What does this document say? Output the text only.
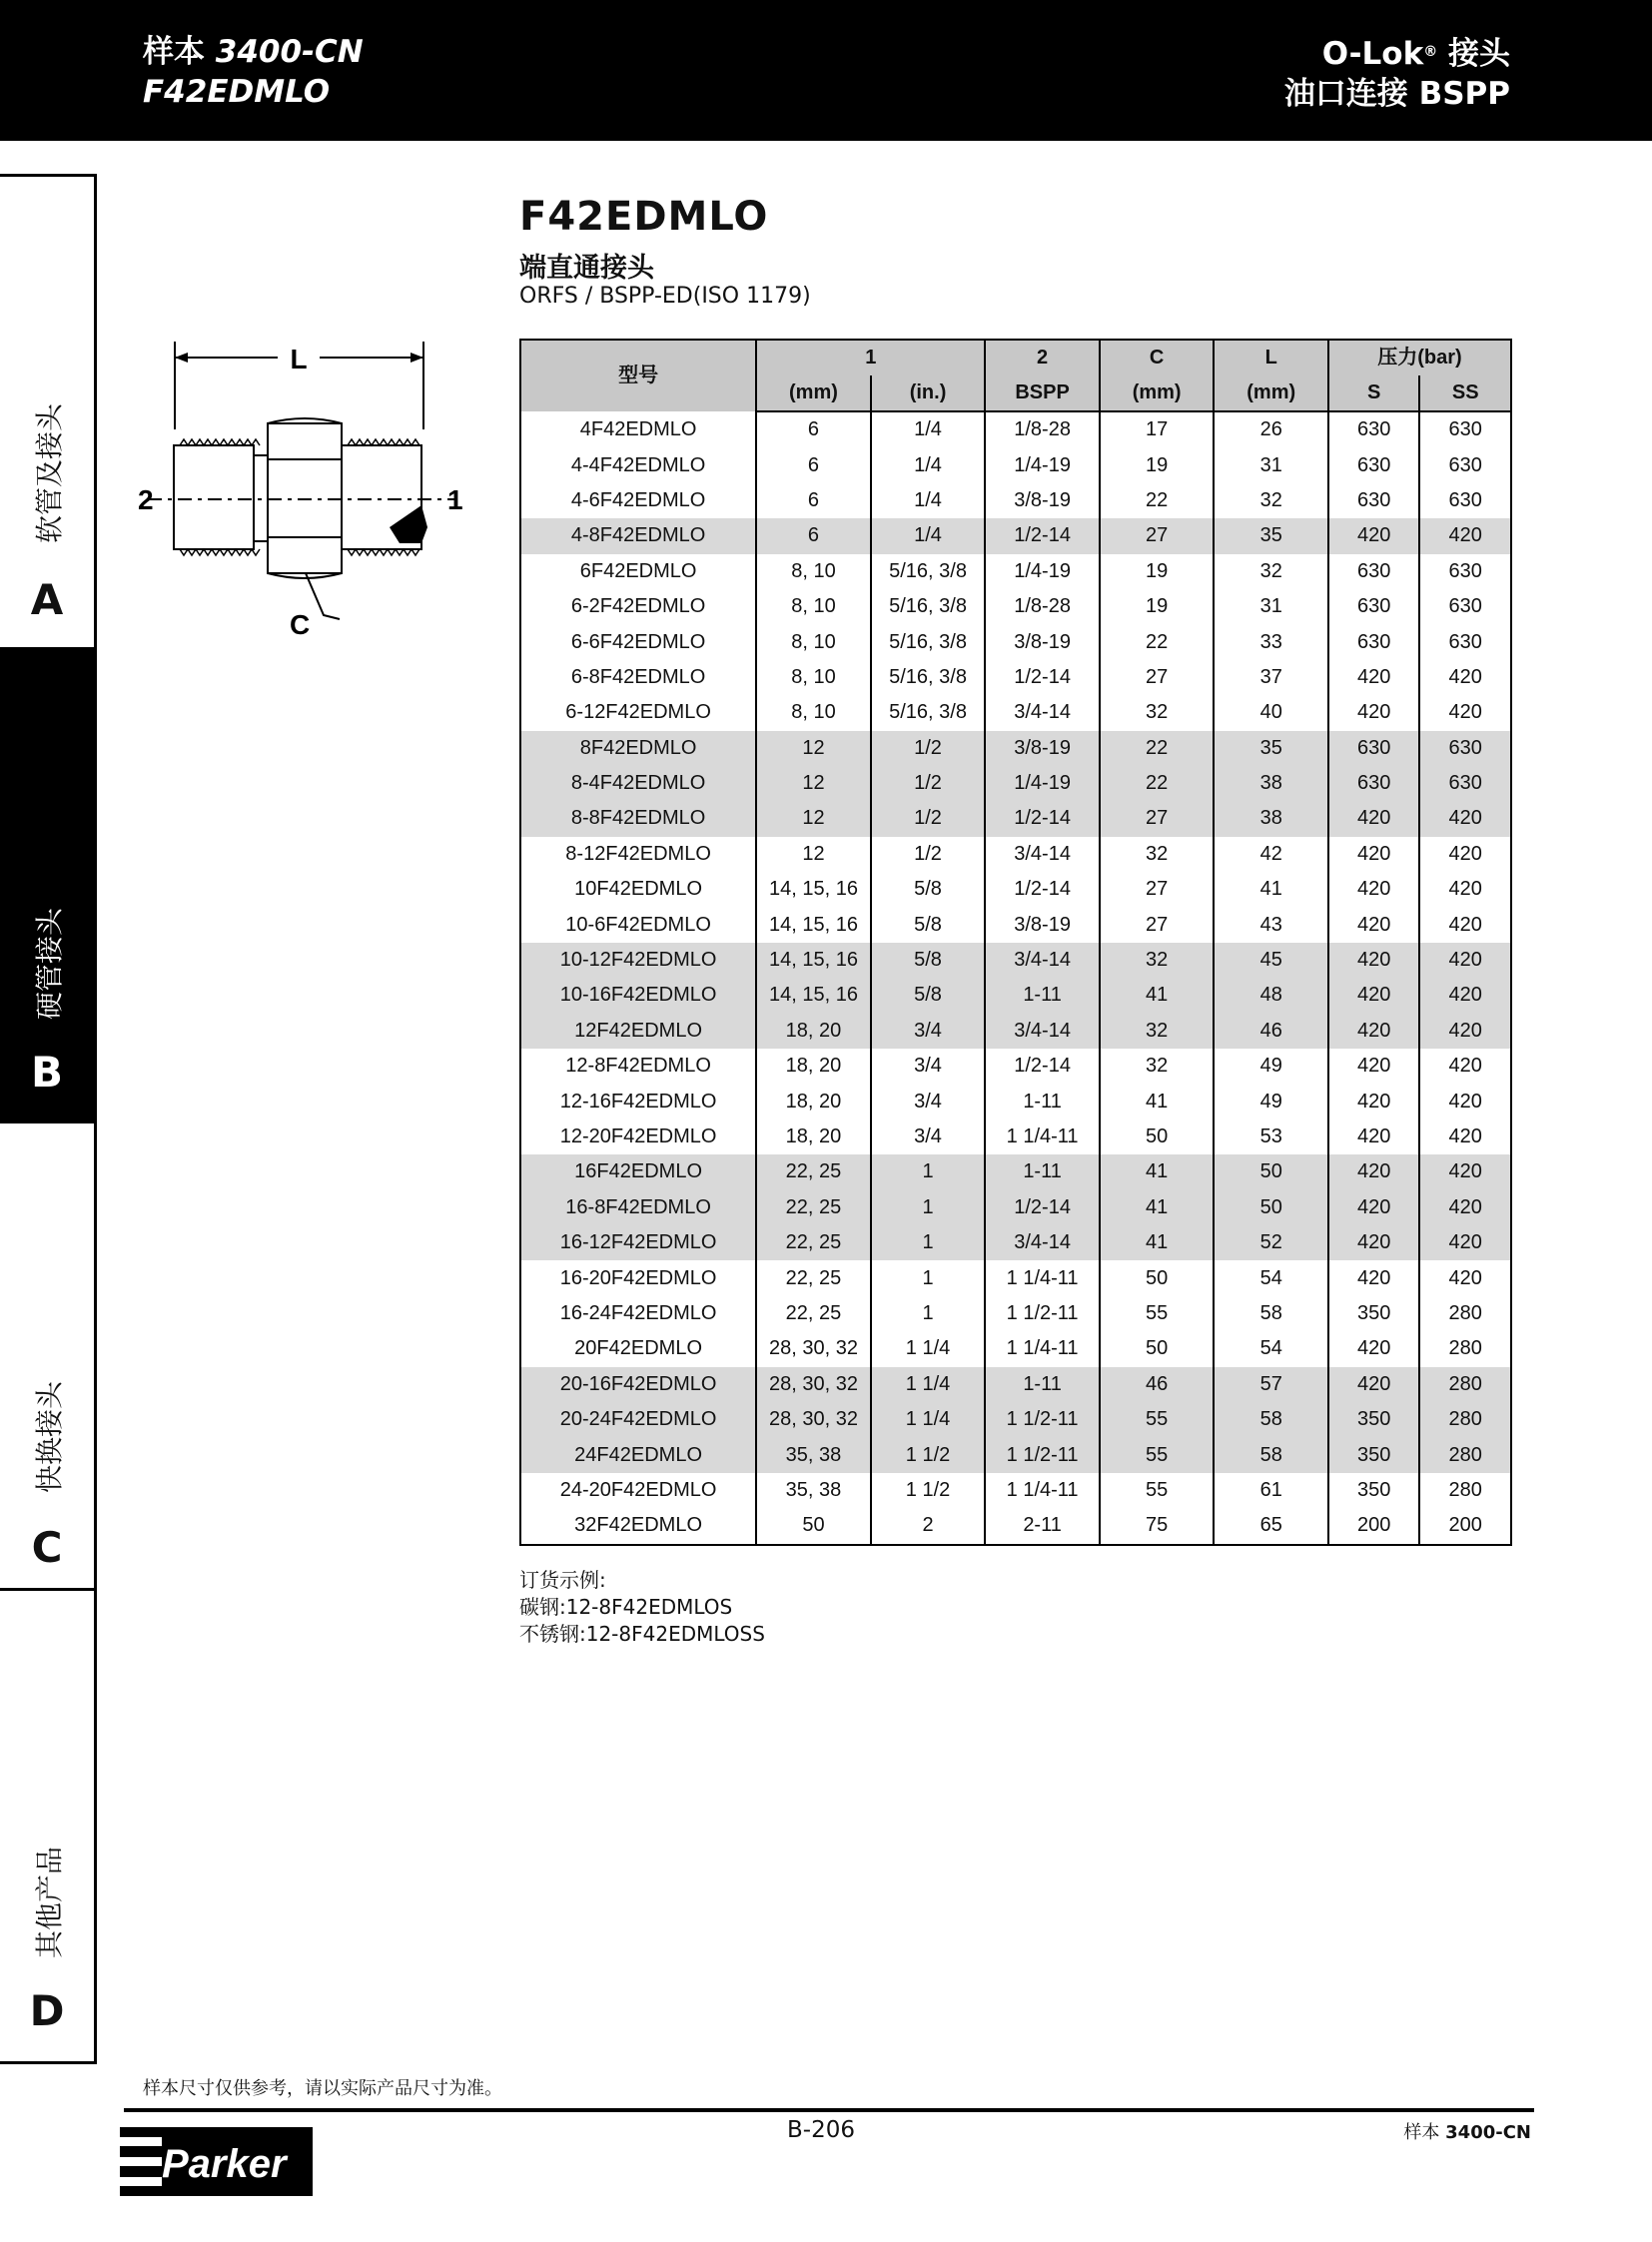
样本 3400-CN
F42EDMLO
O-Lok® 接头
油口连接 BSPP
软管及接头
A
硬管接头
B
快换接头
C
其他产品
D
F42EDMLO
端直通接头
ORFS / BSPP-ED(ISO 1179)
L
2	1
C
型号	1		2	C	L	压力(bar)	
	(mm)	(in.)	BSPP	(mm)	(mm)	S	SS
4F42EDMLO	6	1/4	1/8-28	17	26	630	630
4-4F42EDMLO	6	1/4	1/4-19	19	31	630	630
4-6F42EDMLO	6	1/4	3/8-19	22	32	630	630
4-8F42EDMLO	6	1/4	1/2-14	27	35	420	420
6F42EDMLO	8, 10	5/16, 3/8	1/4-19	19	32	630	630
6-2F42EDMLO	8, 10	5/16, 3/8	1/8-28	19	31	630	630
6-6F42EDMLO	8, 10	5/16, 3/8	3/8-19	22	33	630	630
6-8F42EDMLO	8, 10	5/16, 3/8	1/2-14	27	37	420	420
6-12F42EDMLO	8, 10	5/16, 3/8	3/4-14	32	40	420	420
8F42EDMLO	12	1/2	3/8-19	22	35	630	630
8-4F42EDMLO	12	1/2	1/4-19	22	38	630	630
8-8F42EDMLO	12	1/2	1/2-14	27	38	420	420
8-12F42EDMLO	12	1/2	3/4-14	32	42	420	420
10F42EDMLO	14, 15, 16	5/8	1/2-14	27	41	420	420
10-6F42EDMLO	14, 15, 16	5/8	3/8-19	27	43	420	420
10-12F42EDMLO	14, 15, 16	5/8	3/4-14	32	45	420	420
10-16F42EDMLO	14, 15, 16	5/8	1-11	41	48	420	420
12F42EDMLO	18, 20	3/4	3/4-14	32	46	420	420
12-8F42EDMLO	18, 20	3/4	1/2-14	32	49	420	420
12-16F42EDMLO	18, 20	3/4	1-11	41	49	420	420
12-20F42EDMLO	18, 20	3/4	1 1/4-11	50	53	420	420
16F42EDMLO	22, 25	1	1-11	41	50	420	420
16-8F42EDMLO	22, 25	1	1/2-14	41	50	420	420
16-12F42EDMLO	22, 25	1	3/4-14	41	52	420	420
16-20F42EDMLO	22, 25	1	1 1/4-11	50	54	420	420
16-24F42EDMLO	22, 25	1	1 1/2-11	55	58	350	280
20F42EDMLO	28, 30, 32	1 1/4	1 1/4-11	50	54	420	280
20-16F42EDMLO	28, 30, 32	1 1/4	1-11	46	57	420	280
20-24F42EDMLO	28, 30, 32	1 1/4	1 1/2-11	55	58	350	280
24F42EDMLO	35, 38	1 1/2	1 1/2-11	55	58	350	280
24-20F42EDMLO	35, 38	1 1/2	1 1/4-11	55	61	350	280
32F42EDMLO	50	2	2-11	75	65	200	200
订货示例:
碳钢:12-8F42EDMLOS
不锈钢:12-8F42EDMLOSS
样本尺寸仅供参考，请以实际产品尺寸为准。
B-206	样本 3400-CN
Parker
